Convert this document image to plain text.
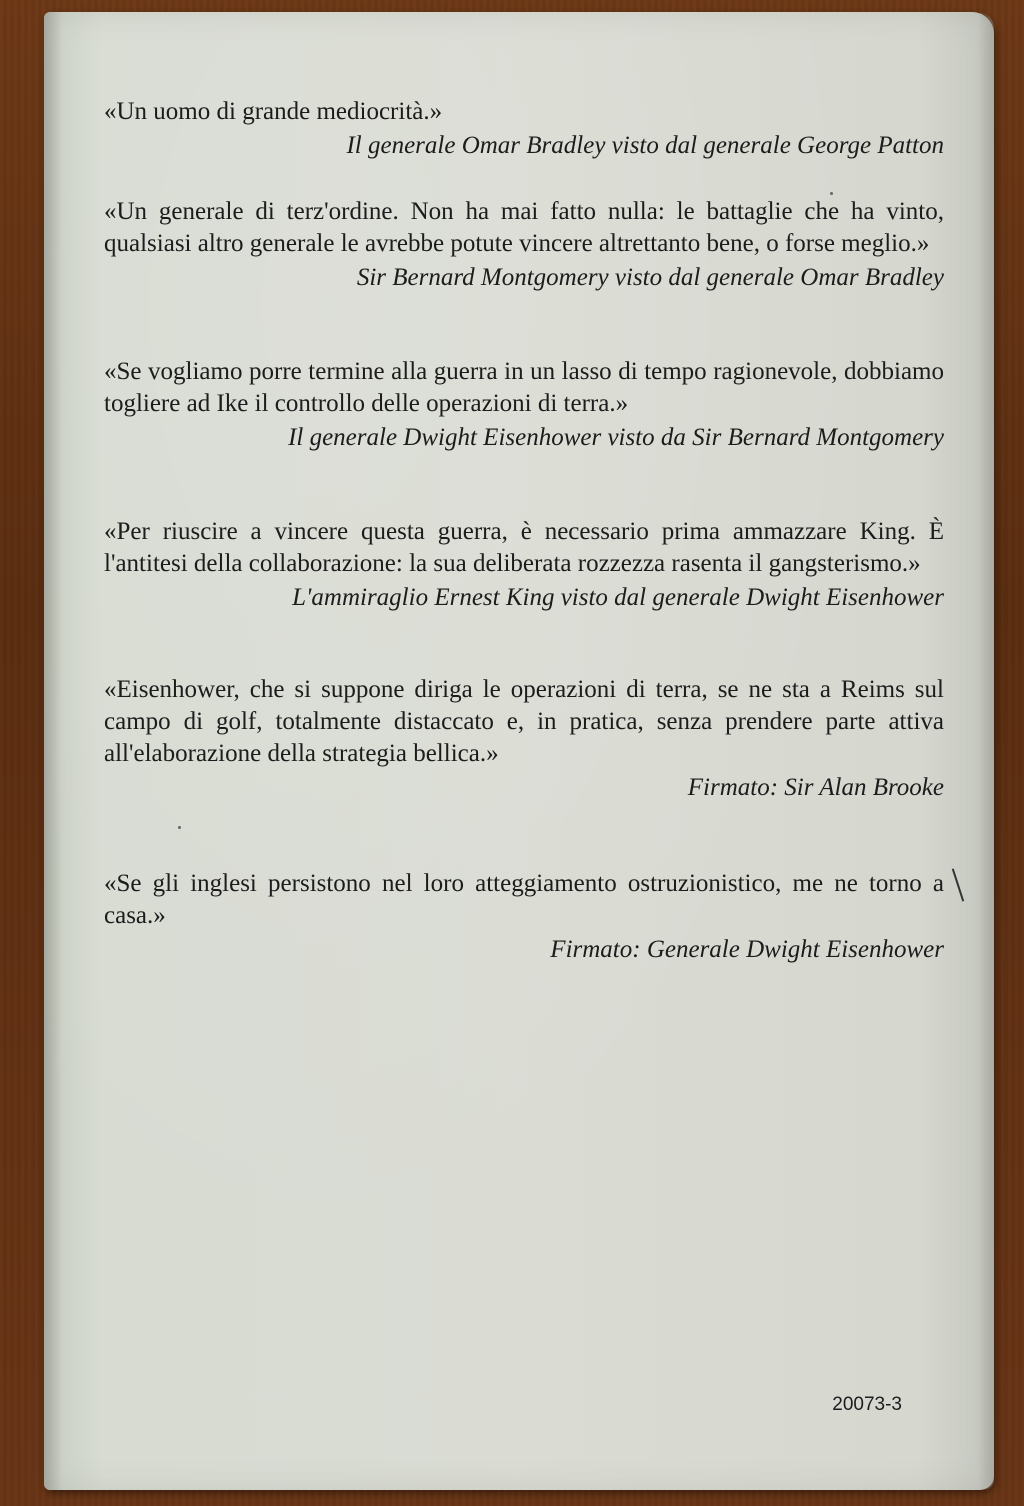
«Un uomo di grande mediocrità.»

Il generale Omar Bradley visto dal generale George Patton

«Un generale di terz'ordine. Non ha mai fatto nulla: le battaglie che ha vinto, qualsiasi altro generale le avrebbe potute vincere altrettanto bene, o forse meglio.»

Sir Bernard Montgomery visto dal generale Omar Bradley

«Se vogliamo porre termine alla guerra in un lasso di tempo ragionevole, dobbiamo togliere ad Ike il controllo delle operazioni di terra.»

Il generale Dwight Eisenhower visto da Sir Bernard Montgomery

«Per riuscire a vincere questa guerra, è necessario prima ammazzare King. È l'antitesi della collaborazione: la sua deliberata rozzezza rasenta il gangsterismo.»

L'ammiraglio Ernest King visto dal generale Dwight Eisenhower

«Eisenhower, che si suppone diriga le operazioni di terra, se ne sta a Reims sul campo di golf, totalmente distaccato e, in pratica, senza prendere parte attiva all'elaborazione della strategia bellica.»

Firmato: Sir Alan Brooke

«Se gli inglesi persistono nel loro atteggiamento ostruzionistico, me ne torno a casa.»

Firmato: Generale Dwight Eisenhower

20073-3
